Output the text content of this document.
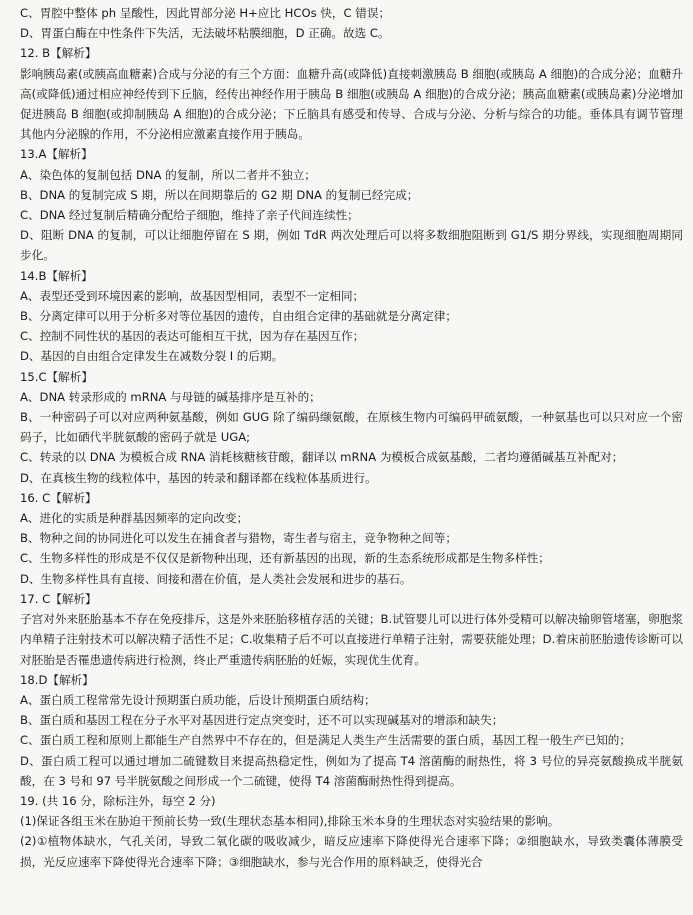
C、胃腔中整体 ph 呈酸性，因此胃部分泌 H+应比 HCOs 快，C 错误；

D、胃蛋白酶在中性条件下失活，无法破坏粘膜细胞，D 正确。故选 C。

12. B【解析】

影响胰岛素(或胰高血糖素)合成与分泌的有三个方面：血糖升高(或降低)直接刺激胰岛 B 细胞(或胰岛 A 细胞)的合成分泌；血糖升高(或降低)通过相应神经传到下丘脑，经传出神经作用于胰岛 B 细胞(或胰岛 A 细胞)的合成分泌；胰高血糖素(或胰岛素)分泌增加促进胰岛 B 细胞(或抑制胰岛 A 细胞)的合成分泌；下丘脑具有感受和传导、合成与分泌、分析与综合的功能。垂体具有调节管理其他内分泌腺的作用，不分泌相应激素直接作用于胰岛。

13.A【解析】

A、染色体的复制包括 DNA 的复制，所以二者并不独立；

B、DNA 的复制完成 S 期，所以在间期靠后的 G2 期 DNA 的复制已经完成；

C、DNA 经过复制后精确分配给子细胞，维持了亲子代间连续性；

D、阻断 DNA 的复制，可以让细胞停留在 S 期，例如 TdR 两次处理后可以将多数细胞阻断到 G1/S 期分界线，实现细胞周期同步化。

14.B【解析】

A、表型还受到环境因素的影响，故基因型相同，表型不一定相同；

B、分离定律可以用于分析多对等位基因的遗传，自由组合定律的基础就是分离定律；

C、控制不同性状的基因的表达可能相互干扰，因为存在基因互作；

D、基因的自由组合定律发生在减数分裂 I 的后期。

15.C【解析】

A、DNA 转录形成的 mRNA 与母链的碱基排序是互补的；

B、一种密码子可以对应两种氨基酸，例如 GUG 除了编码缬氨酸，在原核生物内可编码甲硫氨酸，一种氨基也可以只对应一个密码子，比如硒代半胱氨酸的密码子就是 UGA;

C、转录的以 DNA 为模板合成 RNA 消耗核糖核苷酸，翻译以 mRNA 为模板合成氨基酸，二者均遵循碱基互补配对；

D、在真核生物的线粒体中，基因的转录和翻译都在线粒体基质进行。

16. C【解析】

A、进化的实质是种群基因频率的定向改变；

B、物种之间的协同进化可以发生在捕食者与猎物，寄生者与宿主，竞争物种之间等；

C、生物多样性的形成是不仅仅是新物种出现，还有新基因的出现，新的生态系统形成都是生物多样性；

D、生物多样性具有直接、间接和潜在价值，是人类社会发展和进步的基石。

17. C【解析】

子宫对外来胚胎基本不存在免疫排斥，这是外来胚胎移植存活的关键；B.试管婴儿可以进行体外受精可以解决输卵管堵塞，卵胞浆内单精子注射技术可以解决精子活性不足；C.收集精子后不可以直接进行单精子注射，需要获能处理；D.着床前胚胎遗传诊断可以对胚胎是否罹患遗传病进行检测，终止严重遗传病胚胎的妊娠，实现优生优育。

18.D【解析】

A、蛋白质工程常常先设计预期蛋白质功能，后设计预期蛋白质结构；

B、蛋白质和基因工程在分子水平对基因进行定点突变时，还不可以实现碱基对的增添和缺失；

C、蛋白质工程和原则上都能生产自然界中不存在的，但是满足人类生产生活需要的蛋白质，基因工程一般生产已知的；

D、蛋白质工程可以通过增加二硫键数目来提高热稳定性，例如为了提高 T4 溶菌酶的耐热性，将 3 号位的异亮氨酸换成半胱氨酸，在 3 号和 97 号半胱氨酸之间形成一个二硫键，使得 T4 溶菌酶耐热性得到提高。

19. (共 16 分，除标注外，每空 2 分)

(1)保证各组玉米在胁迫干预前长势一致(生理状态基本相同),排除玉米本身的生理状态对实验结果的影响。

(2)①植物体缺水，气孔关闭，导致二氧化碳的吸收减少，暗反应速率下降使得光合速率下降；②细胞缺水，导致类囊体薄膜受损，光反应速率下降使得光合速率下降；③细胞缺水，参与光合作用的原料缺乏，使得光合
